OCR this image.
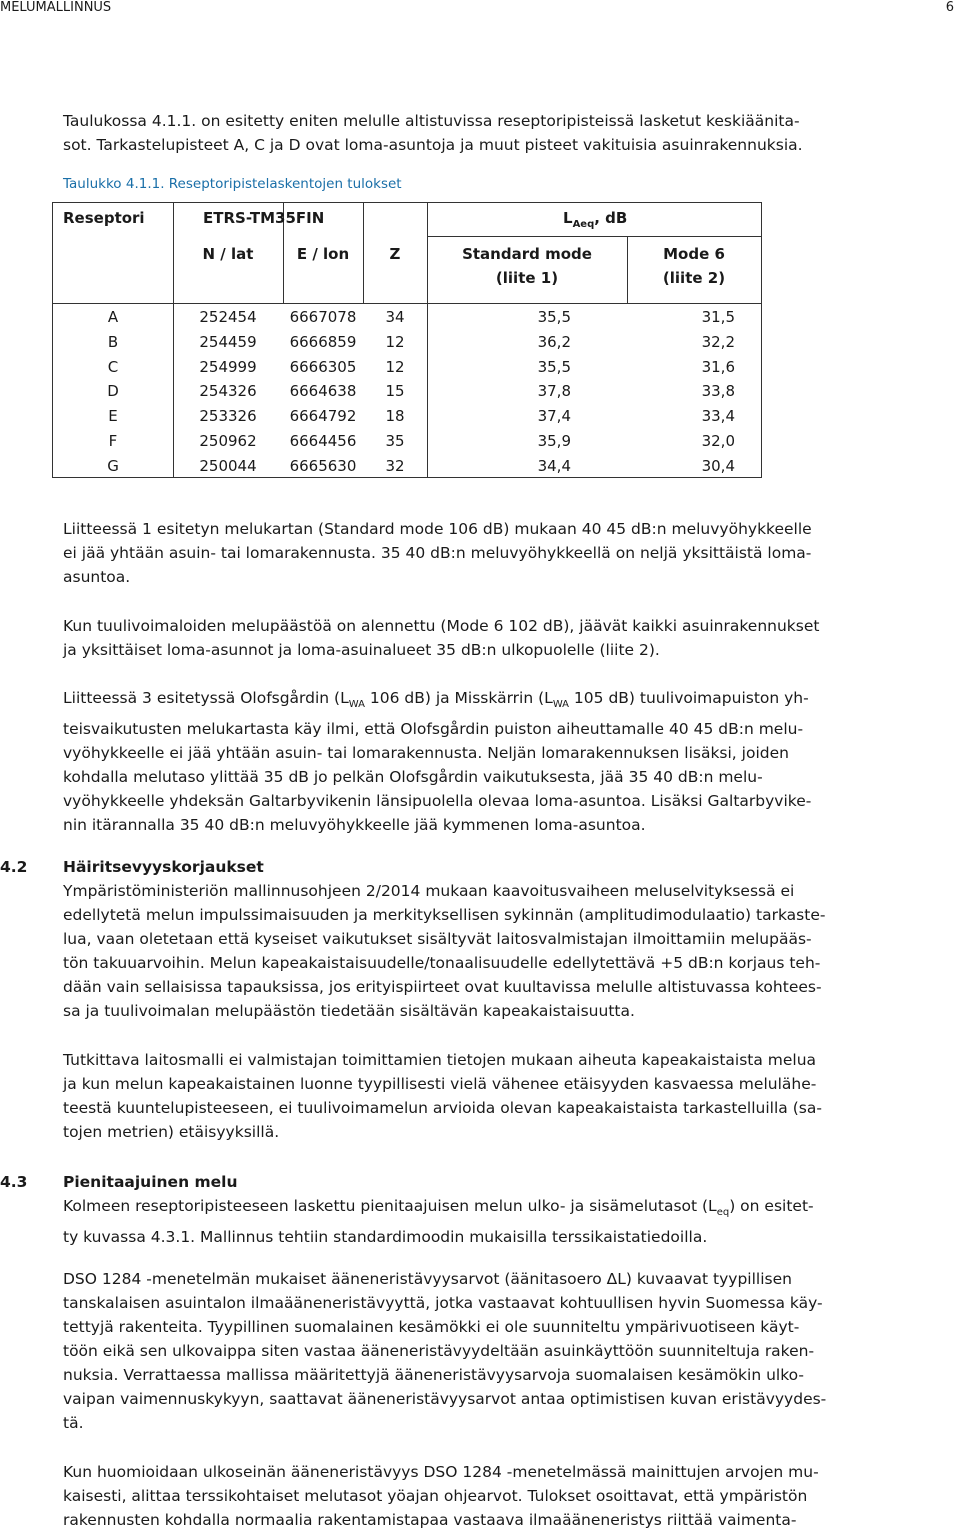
MELUMALLINNUS	6
Taulukossa 4.1.1. on esitetty eniten melulle altistuvissa reseptoripisteissä lasketut keskiäänita-
sot. Tarkastelupisteet A, C ja D ovat loma-asuntoja ja muut pisteet vakituisia asuinrakennuksia.
Taulukko 4.1.1. Reseptoripistelaskentojen tulokset
Reseptori	ETRS-TM35FIN	$L_{Aeq}$, dB
N / lat	E / lon	Z	Standard mode
(liite 1)
Mode 6
(liite 2)
A	252454	6667078	34	35,5	31,5
B	254459	6666859	12	36,2	32,2
C	254999	6666305	12	35,5	31,6
D	254326	6664638	15	37,8	33,8
E	253326	6664792	18	37,4	33,4
F	250962	6664456	35	35,9	32,0
G	250044	6665630	32	34,4	30,4
Liitteessä 1 esitetyn melukartan (Standard mode 106 dB) mukaan 40 45 dB:n meluvyöhykkeelle
ei jää yhtään asuin- tai lomarakennusta. 35 40 dB:n meluvyöhykkeellä on neljä yksittäistä loma-
asuntoa.
Kun tuulivoimaloiden melupäästöä on alennettu (Mode 6 102 dB), jäävät kaikki asuinrakennukset
ja yksittäiset loma-asunnot ja loma-asuinalueet 35 dB:n ulkopuolelle (liite 2).
Liitteessä 3 esitetyssä Olofsgårdin ($L_{WA}$ 106 dB) ja Misskärrin ($L_{WA}$ 105 dB) tuulivoimapuiston yh-
teisvaikutusten melukartasta käy ilmi, että Olofsgårdin puiston aiheuttamalle 40 45 dB:n melu-
vyöhykkeelle ei jää yhtään asuin- tai lomarakennusta. Neljän lomarakennuksen lisäksi, joiden
kohdalla melutaso ylittää 35 dB jo pelkän Olofsgårdin vaikutuksesta, jää 35 40 dB:n melu-
vyöhykkeelle yhdeksän Galtarbyvikenin länsipuolella olevaa loma-asuntoa. Lisäksi Galtarbyvike-
nin itärannalla 35 40 dB:n meluvyöhykkeelle jää kymmenen loma-asuntoa.
4.2 Häiritsevyyskorjaukset
Ympäristöministeriön mallinnusohjeen 2/2014 mukaan kaavoitusvaiheen meluselvityksessä ei
edellytetä melun impulssimaisuuden ja merkityksellisen sykinnän (amplitudimodulaatio) tarkaste-
lua, vaan oletetaan että kyseiset vaikutukset sisältyvät laitosvalmistajan ilmoittamiin melupääs-
tön takuuarvoihin. Melun kapeakaistaisuudelle/tonaalisuudelle edellytettävä +5 dB:n korjaus teh-
dään vain sellaisissa tapauksissa, jos erityispiirteet ovat kuultavissa melulle altistuvassa kohtees-
sa ja tuulivoimalan melupäästön tiedetään sisältävän kapeakaistaisuutta.
Tutkittava laitosmalli ei valmistajan toimittamien tietojen mukaan aiheuta kapeakaistaista melua
ja kun melun kapeakaistainen luonne tyypillisesti vielä vähenee etäisyyden kasvaessa melulähe-
teestä kuuntelupisteeseen, ei tuulivoimamelun arvioida olevan kapeakaistaista tarkastelluilla (sa-
tojen metrien) etäisyyksillä.
4.3 Pienitaajuinen melu
Kolmeen reseptoripisteeseen laskettu pienitaajuisen melun ulko- ja sisämelutasot $(L_{eq})$ on esitet-
ty kuvassa 4.3.1. Mallinnus tehtiin standardimoodin mukaisilla terssikaistatiedoilla.
DSO 1284 -menetelmän mukaiset ääneneristävyysarvot (äänitasoero ΔL) kuvaavat tyypillisen
tanskalaisen asuintalon ilmaääneneristävyyttä, jotka vastaavat kohtuullisen hyvin Suomessa käy-
tettyjä rakenteita. Tyypillinen suomalainen kesämökki ei ole suunniteltu ympärivuotiseen käyt-
töön eikä sen ulkovaippa siten vastaa ääneneristävyydeltään asuinkäyttöön suunniteltuja raken-
nuksia. Verrattaessa mallissa määritettyjä ääneneristävyysarvoja suomalaisen kesämökin ulko-
vaipan vaimennuskykyyn, saattavat ääneneristävyysarvot antaa optimistisen kuvan eristävyydes-
tä.
Kun huomioidaan ulkoseinän ääneneristävyys DSO 1284 -menetelmässä mainittujen arvojen mu-
kaisesti, alittaa terssikohtaiset melutasot yöajan ohjearvot. Tulokset osoittavat, että ympäristön
rakennusten kohdalla normaalia rakentamistapaa vastaava ilmaääneneristys riittää vaimenta-
